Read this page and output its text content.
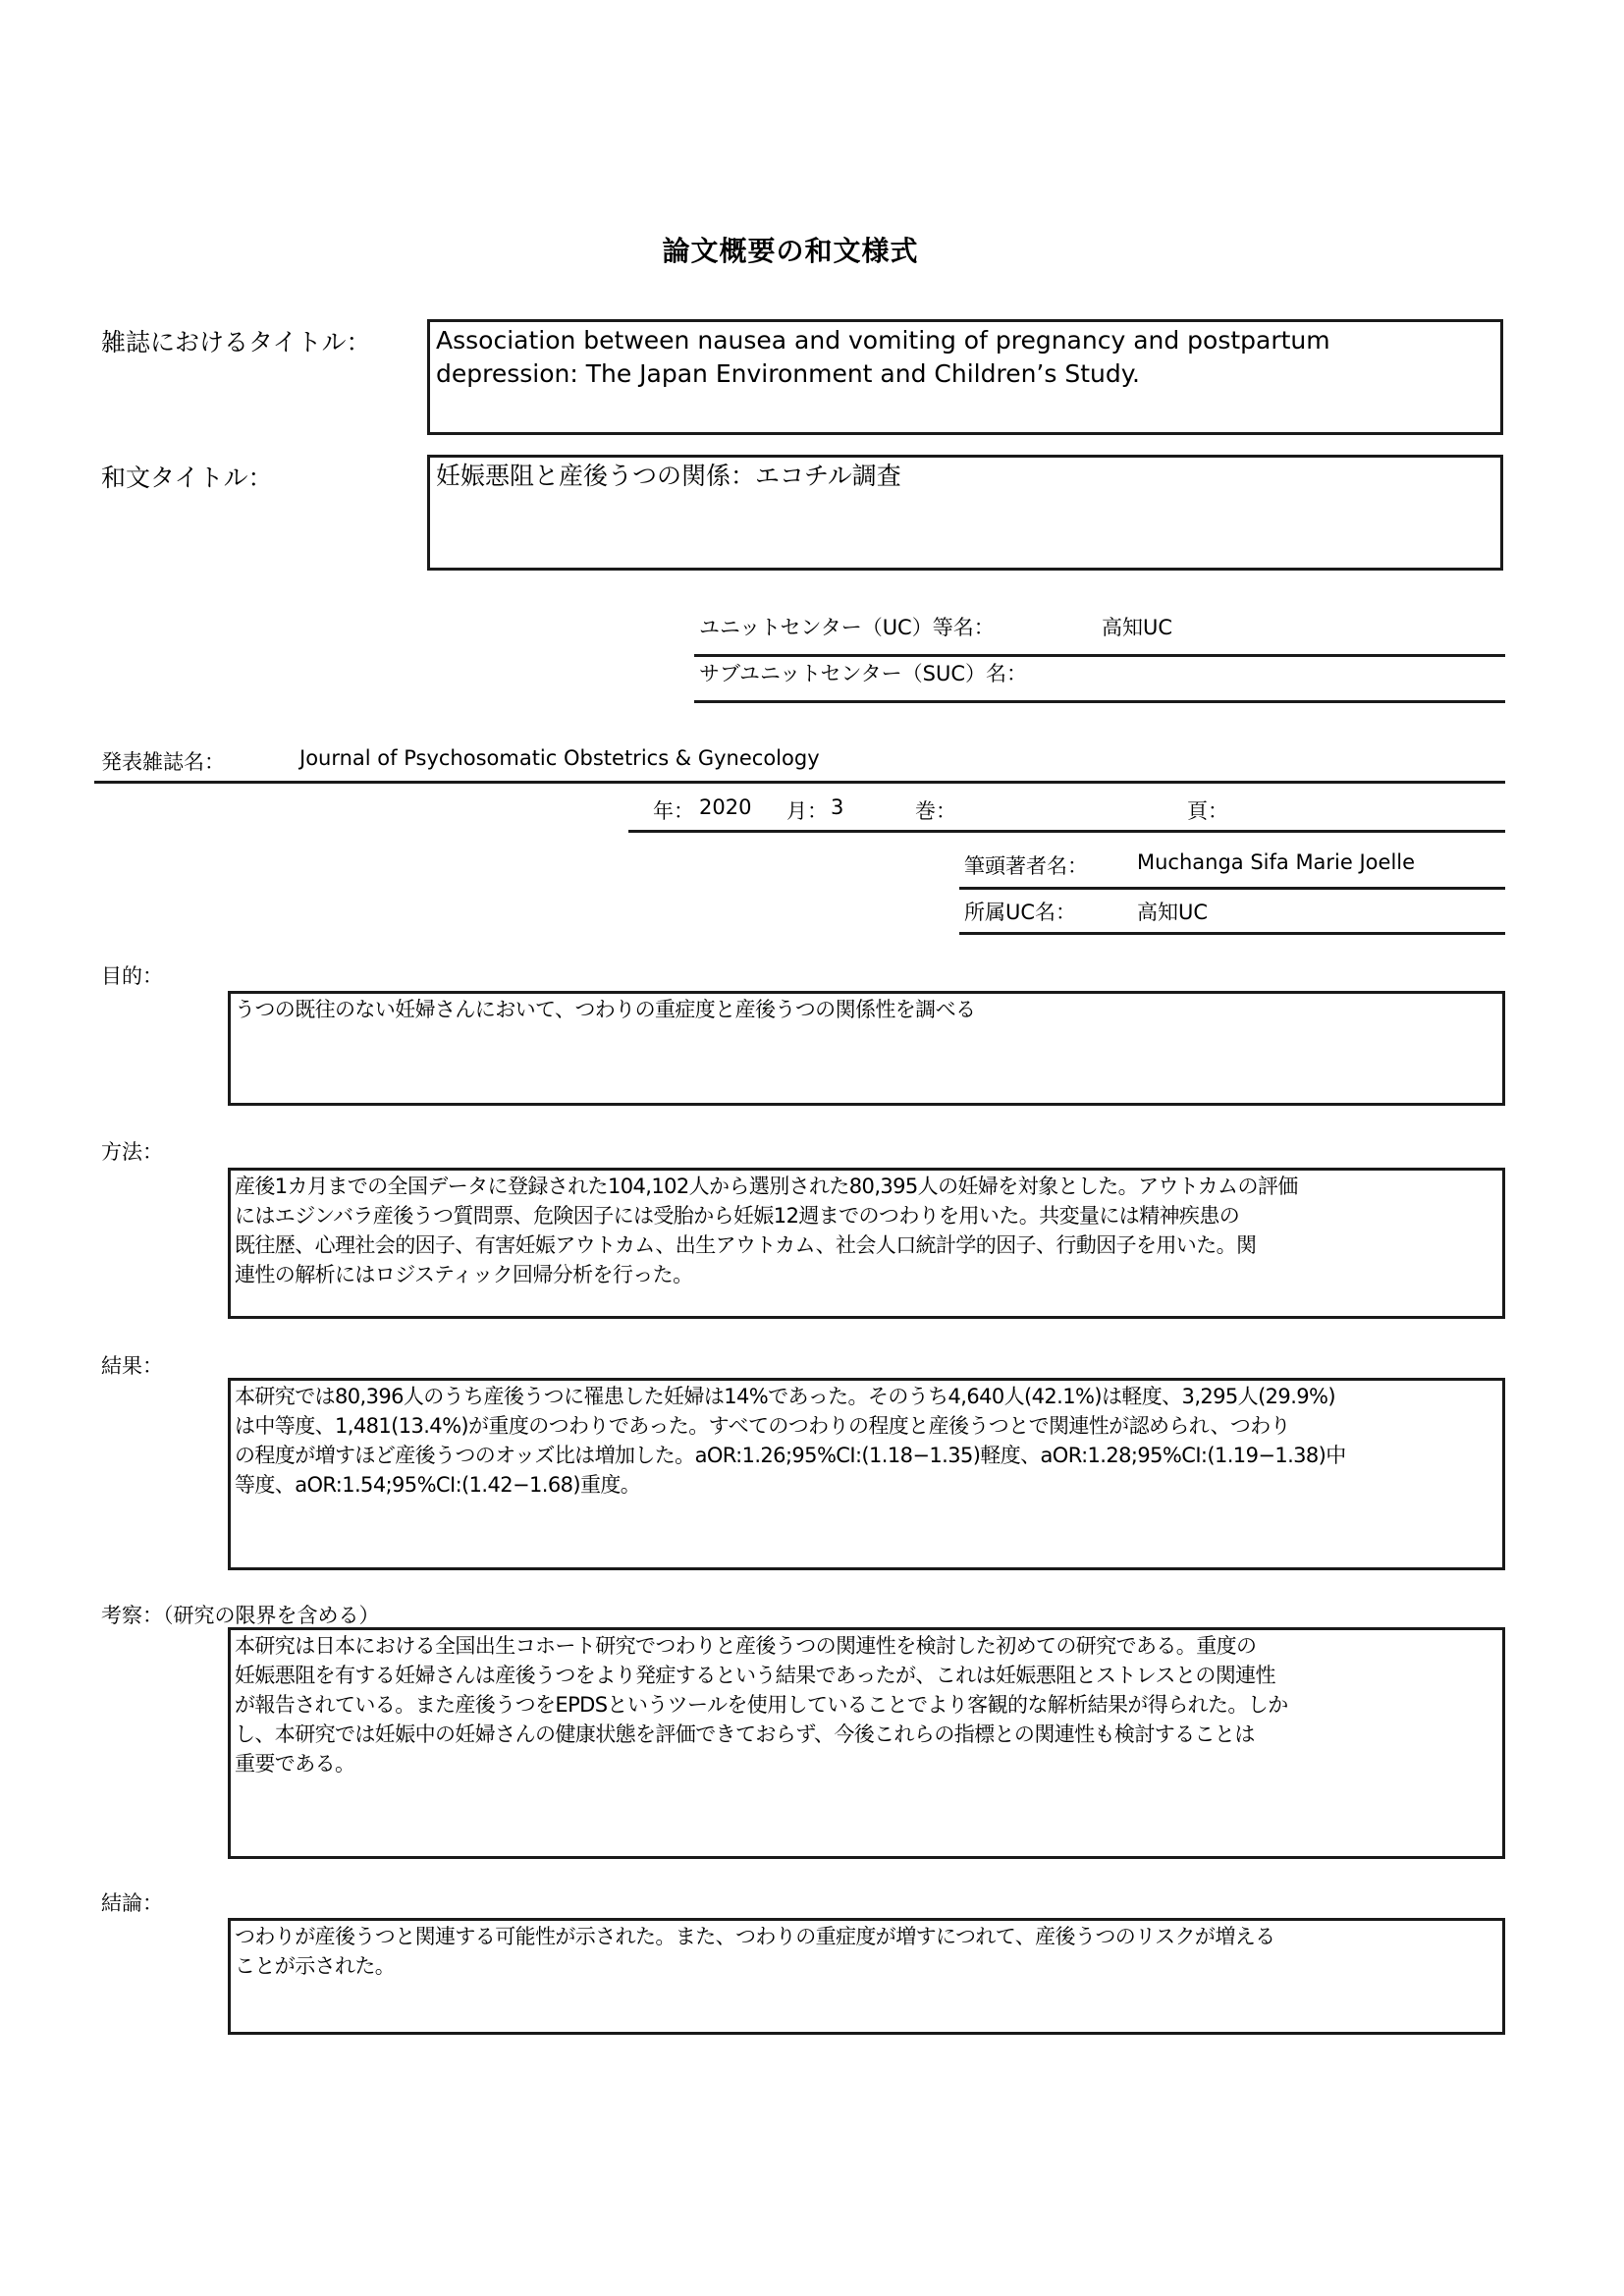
論文概要の和文様式
雑誌におけるタイトル：	Association between nausea and vomiting of pregnancy and postpartum
depression: The Japan Environment and Children’s Study.
和文タイトル：	妊娠悪阻と産後うつの関係：エコチル調査
ユニットセンター（UC）等名：	高知UC
サブユニットセンター（SUC）名：
発表雑誌名：	Journal of Psychosomatic Obstetrics & Gynecology
年： 2020 月： 3	巻：	頁：
筆頭著者名： Muchanga Sifa Marie Joelle
所属UC名：	高知UC
目的：
うつの既往のない妊婦さんにおいて、つわりの重症度と産後うつの関係性を調べる
方法：
産後1カ月までの全国データに登録された104,102人から選別された80,395人の妊婦を対象とした。アウトカムの評価
にはエジンバラ産後うつ質問票、危険因子には受胎から妊娠12週までのつわりを用いた。共変量には精神疾患の
既往歴、心理社会的因子、有害妊娠アウトカム、出生アウトカム、社会人口統計学的因子、行動因子を用いた。関
連性の解析にはロジスティック回帰分析を行った。
結果：
本研究では80,396人のうち産後うつに罹患した妊婦は14%であった。そのうち4,640人(42.1%)は軽度、3,295人(29.9%)
は中等度、1,481(13.4%)が重度のつわりであった。すべてのつわりの程度と産後うつとで関連性が認められ、つわり
の程度が増すほど産後うつのオッズ比は増加した。aOR:1.26;95%CI:(1.18−1.35)軽度、aOR:1.28;95%CI:(1.19−1.38)中
等度、aOR:1.54;95%CI:(1.42−1.68)重度。
考察：（研究の限界を含める）
本研究は日本における全国出生コホート研究でつわりと産後うつの関連性を検討した初めての研究である。重度の
妊娠悪阻を有する妊婦さんは産後うつをより発症するという結果であったが、これは妊娠悪阻とストレスとの関連性
が報告されている。また産後うつをEPDSというツールを使用していることでより客観的な解析結果が得られた。しか
し、本研究では妊娠中の妊婦さんの健康状態を評価できておらず、今後これらの指標との関連性も検討することは
重要である。
結論：
つわりが産後うつと関連する可能性が示された。また、つわりの重症度が増すにつれて、産後うつのリスクが増える
ことが示された。
